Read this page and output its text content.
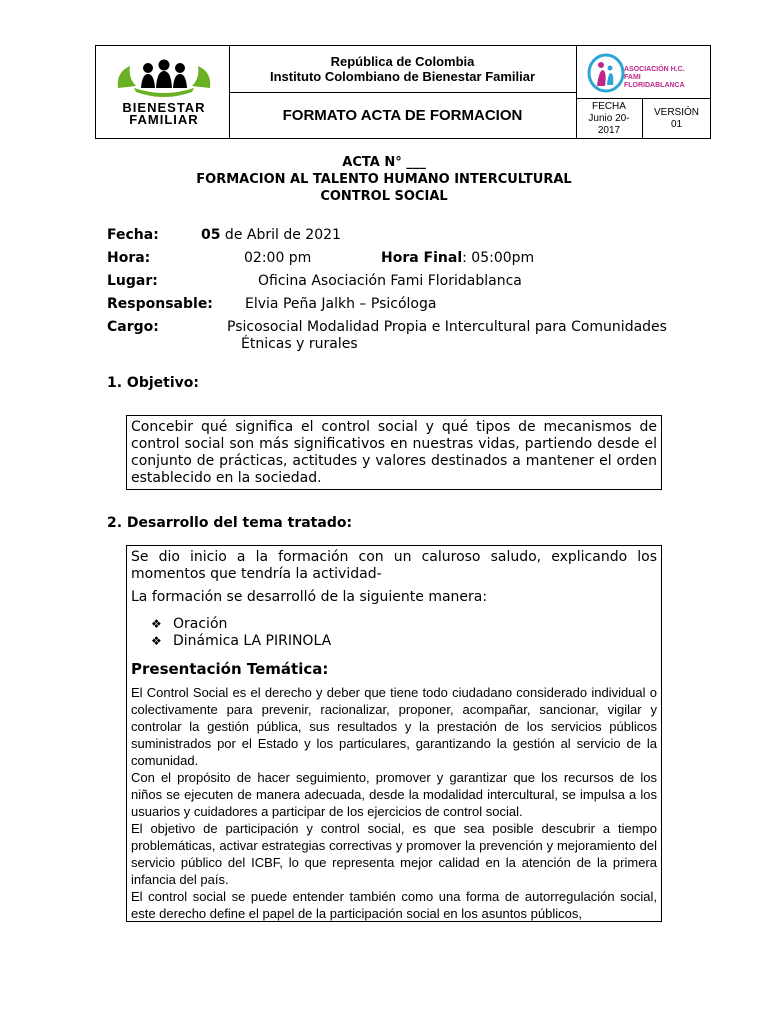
BIENESTAR
FAMILIAR
República de Colombia
Instituto Colombiano de Bienestar Familiar
FORMATO ACTA DE FORMACION
ASOCIACIÓN H.C.
FAMI FLORIDABLANCA
FECHA
Junio 20-
2017
VERSIÓN
01
ACTA N° ___
FORMACION AL TALENTO HUMANO INTERCULTURAL
CONTROL SOCIAL
Fecha:	05 de Abril de 2021
Hora:	02:00 pm	Hora Final: 05:00pm
Lugar:	Oficina Asociación Fami Floridablanca
Responsable: Elvia Peña Jalkh – Psicóloga
Cargo:	Psicosocial Modalidad Propia e Intercultural para Comunidades
Étnicas y rurales
1. Objetivo:
Concebir qué significa el control social y qué tipos de mecanismos de control social son más significativos en nuestras vidas, partiendo desde el conjunto de prácticas, actitudes y valores destinados a mantener el orden establecido en la sociedad.
2. Desarrollo del tema tratado:

Se dio inicio a la formación con un caluroso saludo, explicando los momentos que tendría la actividad-

La formación se desarrolló de la siguiente manera:

❖ Oración
❖ Dinámica LA PIRINOLA
Presentación Temática:

El Control Social es el derecho y deber que tiene todo ciudadano considerado individual o colectivamente para prevenir, racionalizar, proponer, acompañar, sancionar, vigilar y controlar la gestión pública, sus resultados y la prestación de los servicios públicos suministrados por el Estado y los particulares, garantizando la gestión al servicio de la comunidad.

Con el propósito de hacer seguimiento, promover y garantizar que los recursos de los niños se ejecuten de manera adecuada, desde la modalidad intercultural, se impulsa a los usuarios y cuidadores a participar de los ejercicios de control social.

El objetivo de participación y control social, es que sea posible descubrir a tiempo problemáticas, activar estrategias correctivas y promover la prevención y mejoramiento del servicio público del ICBF, lo que representa mejor calidad en la atención de la primera infancia del país.

El control social se puede entender también como una forma de autorregulación social, este derecho define el papel de la participación social en los asuntos públicos,
